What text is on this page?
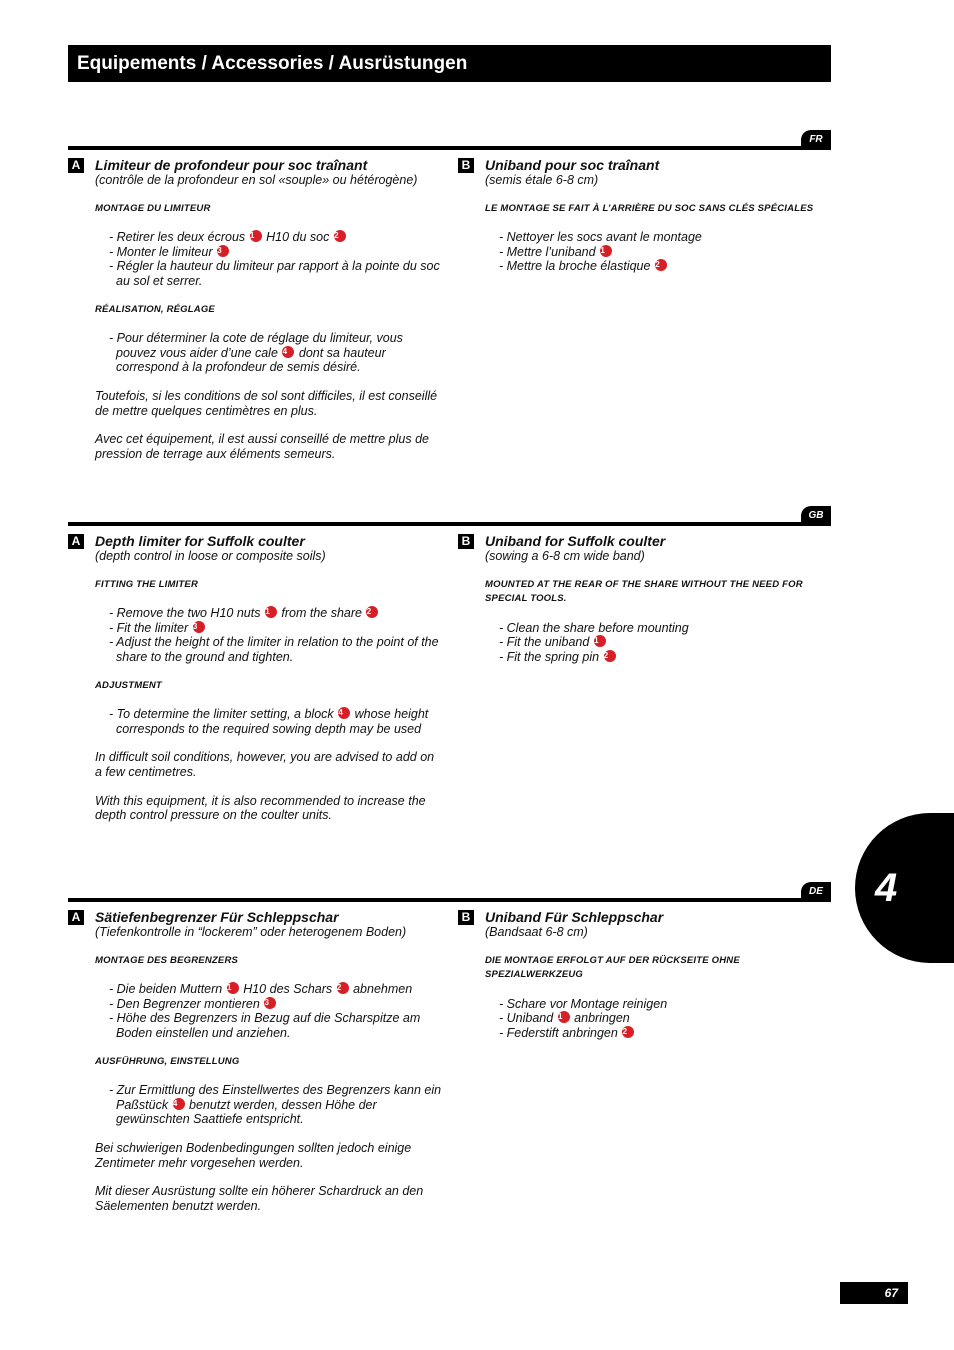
Equipements / Accessories / Ausrüstungen
FR
A Limiteur de profondeur pour soc traînant
(contrôle de la profondeur en sol «souple» ou hétérogène)
MONTAGE DU LIMITEUR
- Retirer les deux écrous 1 H10 du soc 2
- Monter le limiteur 3
- Régler la hauteur du limiteur par rapport à la pointe du soc au sol et serrer.
RÉALISATION, RÉGLAGE
- Pour déterminer la cote de réglage du limiteur, vous pouvez vous aider d’une cale 4 dont sa hauteur correspond à la profondeur de semis désiré.
Toutefois, si les conditions de sol sont difficiles, il est conseillé de mettre quelques centimètres en plus.
Avec cet équipement, il est aussi conseillé de mettre plus de pression de terrage aux éléments semeurs.
B Uniband pour soc traînant
(semis étale 6-8 cm)
LE MONTAGE SE FAIT À L’ARRIÈRE DU SOC SANS CLÉS SPÉCIALES
- Nettoyer les socs avant le montage
- Mettre l’uniband 1
- Mettre la broche élastique 2
GB
A Depth limiter for Suffolk coulter
(depth control in loose or composite soils)
FITTING THE LIMITER
- Remove the two H10 nuts 1 from the share 2
- Fit the limiter 3
- Adjust the height of the limiter in relation to the point of the share to the ground and tighten.
ADJUSTMENT
- To determine the limiter setting, a block 4 whose height corresponds to the required sowing depth may be used
In difficult soil conditions, however, you are advised to add on a few centimetres.
With this equipment, it is also recommended to increase the depth control pressure on the coulter units.
B Uniband for Suffolk coulter
(sowing a 6-8 cm wide band)
MOUNTED AT THE REAR OF THE SHARE WITHOUT THE NEED FOR SPECIAL TOOLS.
- Clean the share before mounting
- Fit the uniband 1
- Fit the spring pin 2
DE
A Sätiefenbegrenzer Für Schleppschar
(Tiefenkontrolle in “lockerem” oder heterogenem Boden)
MONTAGE DES BEGRENZERS
- Die beiden Muttern 1 H10 des Schars 2 abnehmen
- Den Begrenzer montieren 3
- Höhe des Begrenzers in Bezug auf die Scharspitze am Boden einstellen und anziehen.
AUSFÜHRUNG, EINSTELLUNG
- Zur Ermittlung des Einstellwertes des Begrenzers kann ein Paßstück 4 benutzt werden, dessen Höhe der gewünschten Saattiefe entspricht.
Bei schwierigen Bodenbedingungen sollten jedoch einige Zentimeter mehr vorgesehen werden.
Mit dieser Ausrüstung sollte ein höherer Schardruck an den Säelementen benutzt werden.
B Uniband Für Schleppschar
(Bandsaat 6-8 cm)
DIE MONTAGE ERFOLGT AUF DER RÜCKSEITE OHNE SPEZIALWERKZEUG
- Schare vor Montage reinigen
- Uniband 1 anbringen
- Federstift anbringen 2
4
67
